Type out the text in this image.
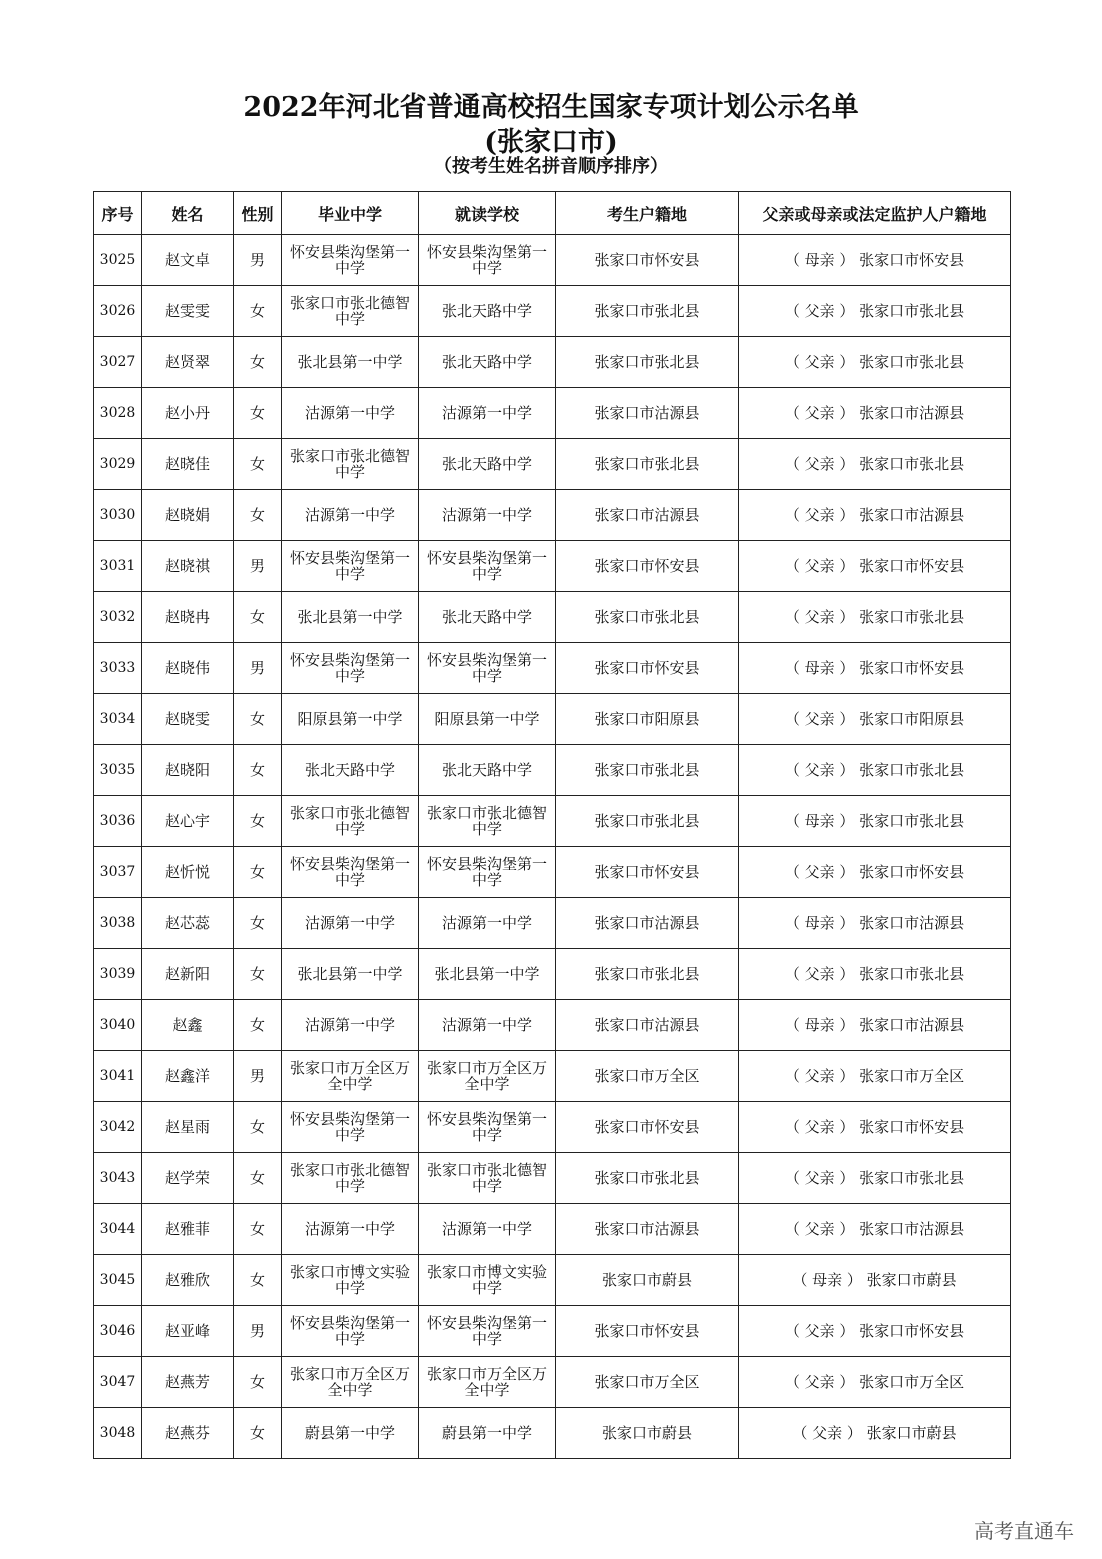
2022年河北省普通高校招生国家专项计划公示名单
(张家口市)
（按考生姓名拼音顺序排序）
序号	姓名	性别	毕业中学	就读学校	考生户籍地	父亲或母亲或法定监护人户籍地
3025	赵文卓	男	怀安县柴沟堡第一中学	怀安县柴沟堡第一中学	张家口市怀安县	（ 母亲 ） 张家口市怀安县
3026	赵雯雯	女	张家口市张北德智中学	张北天路中学	张家口市张北县	（ 父亲 ） 张家口市张北县
3027	赵贤翠	女	张北县第一中学	张北天路中学	张家口市张北县	（ 父亲 ） 张家口市张北县
3028	赵小丹	女	沽源第一中学	沽源第一中学	张家口市沽源县	（ 父亲 ） 张家口市沽源县
3029	赵晓佳	女	张家口市张北德智中学	张北天路中学	张家口市张北县	（ 父亲 ） 张家口市张北县
3030	赵晓娟	女	沽源第一中学	沽源第一中学	张家口市沽源县	（ 父亲 ） 张家口市沽源县
3031	赵晓祺	男	怀安县柴沟堡第一中学	怀安县柴沟堡第一中学	张家口市怀安县	（ 父亲 ） 张家口市怀安县
3032	赵晓冉	女	张北县第一中学	张北天路中学	张家口市张北县	（ 父亲 ） 张家口市张北县
3033	赵晓伟	男	怀安县柴沟堡第一中学	怀安县柴沟堡第一中学	张家口市怀安县	（ 母亲 ） 张家口市怀安县
3034	赵晓雯	女	阳原县第一中学	阳原县第一中学	张家口市阳原县	（ 父亲 ） 张家口市阳原县
3035	赵晓阳	女	张北天路中学	张北天路中学	张家口市张北县	（ 父亲 ） 张家口市张北县
3036	赵心宇	女	张家口市张北德智中学	张家口市张北德智中学	张家口市张北县	（ 母亲 ） 张家口市张北县
3037	赵忻悦	女	怀安县柴沟堡第一中学	怀安县柴沟堡第一中学	张家口市怀安县	（ 父亲 ） 张家口市怀安县
3038	赵芯蕊	女	沽源第一中学	沽源第一中学	张家口市沽源县	（ 母亲 ） 张家口市沽源县
3039	赵新阳	女	张北县第一中学	张北县第一中学	张家口市张北县	（ 父亲 ） 张家口市张北县
3040	赵鑫	女	沽源第一中学	沽源第一中学	张家口市沽源县	（ 母亲 ） 张家口市沽源县
3041	赵鑫洋	男	张家口市万全区万全中学	张家口市万全区万全中学	张家口市万全区	（ 父亲 ） 张家口市万全区
3042	赵星雨	女	怀安县柴沟堡第一中学	怀安县柴沟堡第一中学	张家口市怀安县	（ 父亲 ） 张家口市怀安县
3043	赵学荣	女	张家口市张北德智中学	张家口市张北德智中学	张家口市张北县	（ 父亲 ） 张家口市张北县
3044	赵雅菲	女	沽源第一中学	沽源第一中学	张家口市沽源县	（ 父亲 ） 张家口市沽源县
3045	赵雅欣	女	张家口市博文实验中学	张家口市博文实验中学	张家口市蔚县	（ 母亲 ） 张家口市蔚县
3046	赵亚峰	男	怀安县柴沟堡第一中学	怀安县柴沟堡第一中学	张家口市怀安县	（ 父亲 ） 张家口市怀安县
3047	赵燕芳	女	张家口市万全区万全中学	张家口市万全区万全中学	张家口市万全区	（ 父亲 ） 张家口市万全区
3048	赵燕芬	女	蔚县第一中学	蔚县第一中学	张家口市蔚县	（ 父亲 ） 张家口市蔚县
高考直通车
